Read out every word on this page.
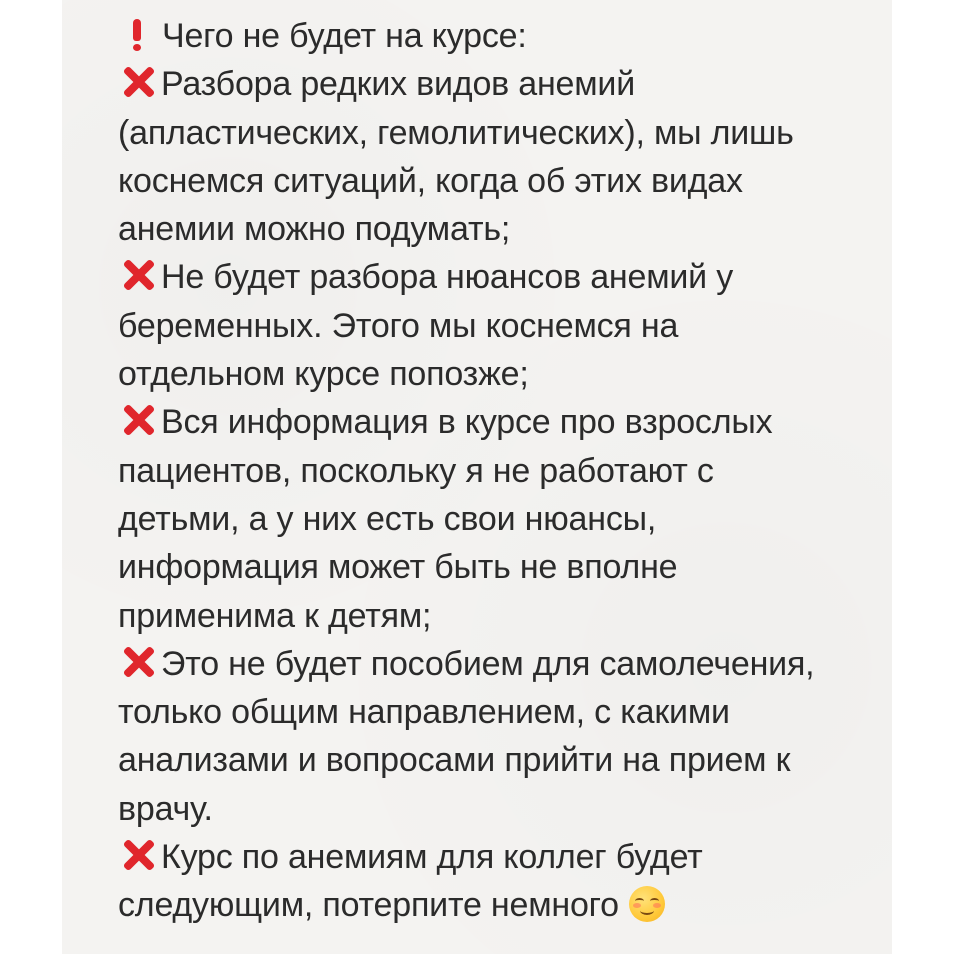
Чего не будет на курсе:
Разбора редких видов анемий
(апластических, гемолитических), мы лишь
коснемся ситуаций, когда об этих видах
анемии можно подумать;
Не будет разбора нюансов анемий у
беременных. Этого мы коснемся на
отдельном курсе попозже;
Вся информация в курсе про взрослых
пациентов, поскольку я не работают с
детьми, а у них есть свои нюансы,
информация может быть не вполне
применима к детям;
Это не будет пособием для самолечения,
только общим направлением, с какими
анализами и вопросами прийти на прием к
врачу.
Курс по анемиям для коллег будет
следующим, потерпите немного
